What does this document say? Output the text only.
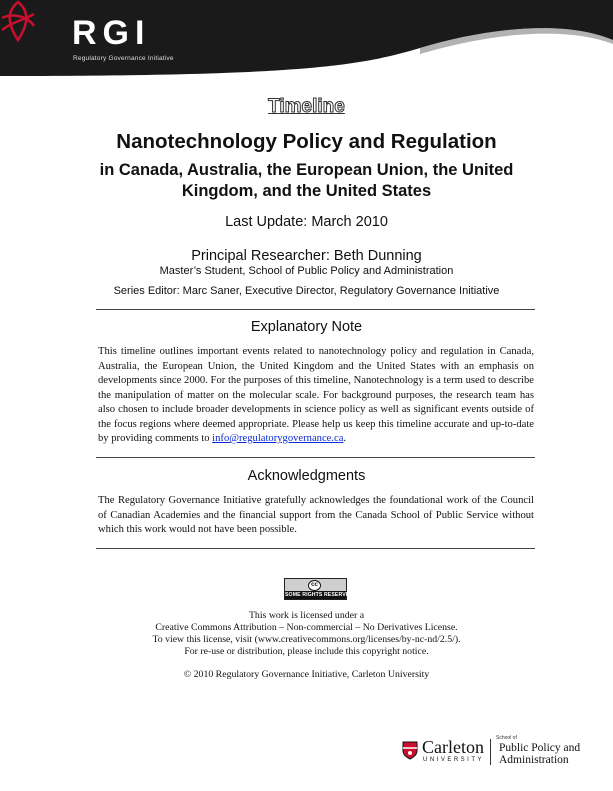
RGI
Regulatory Governance Initiative
Timeline
Nanotechnology Policy and Regulation
in Canada, Australia, the European Union, the United
Kingdom, and the United States
Last Update: March 2010
Principal Researcher: Beth Dunning
Master’s Student, School of Public Policy and Administration
Series Editor: Marc Saner, Executive Director, Regulatory Governance Initiative
Explanatory Note
This timeline outlines important events related to nanotechnology policy and regulation in Canada, Australia, the European Union, the United Kingdom and the United States with an emphasis on developments since 2000. For the purposes of this timeline, Nanotechnology is a term used to describe the manipulation of matter on the molecular scale. For background purposes, the research team has also chosen to include broader developments in science policy as well as significant events outside of the focus regions where deemed appropriate. Please help us keep this timeline accurate and up-to-date by providing comments to info@regulatorygovernance.ca.
Acknowledgments
The Regulatory Governance Initiative gratefully acknowledges the foundational work of the Council of Canadian Academies and the financial support from the Canada School of Public Service without which this work would not have been possible.
cc
SOME RIGHTS RESERVED
This work is licensed under a
Creative Commons Attribution – Non-commercial – No Derivatives License.
To view this license, visit (www.creativecommons.org/licenses/by-nc-nd/2.5/).
For re-use or distribution, please include this copyright notice.
© 2010 Regulatory Governance Initiative, Carleton University
Carleton
UNIVERSITY
School of
Public Policy and
Administration
